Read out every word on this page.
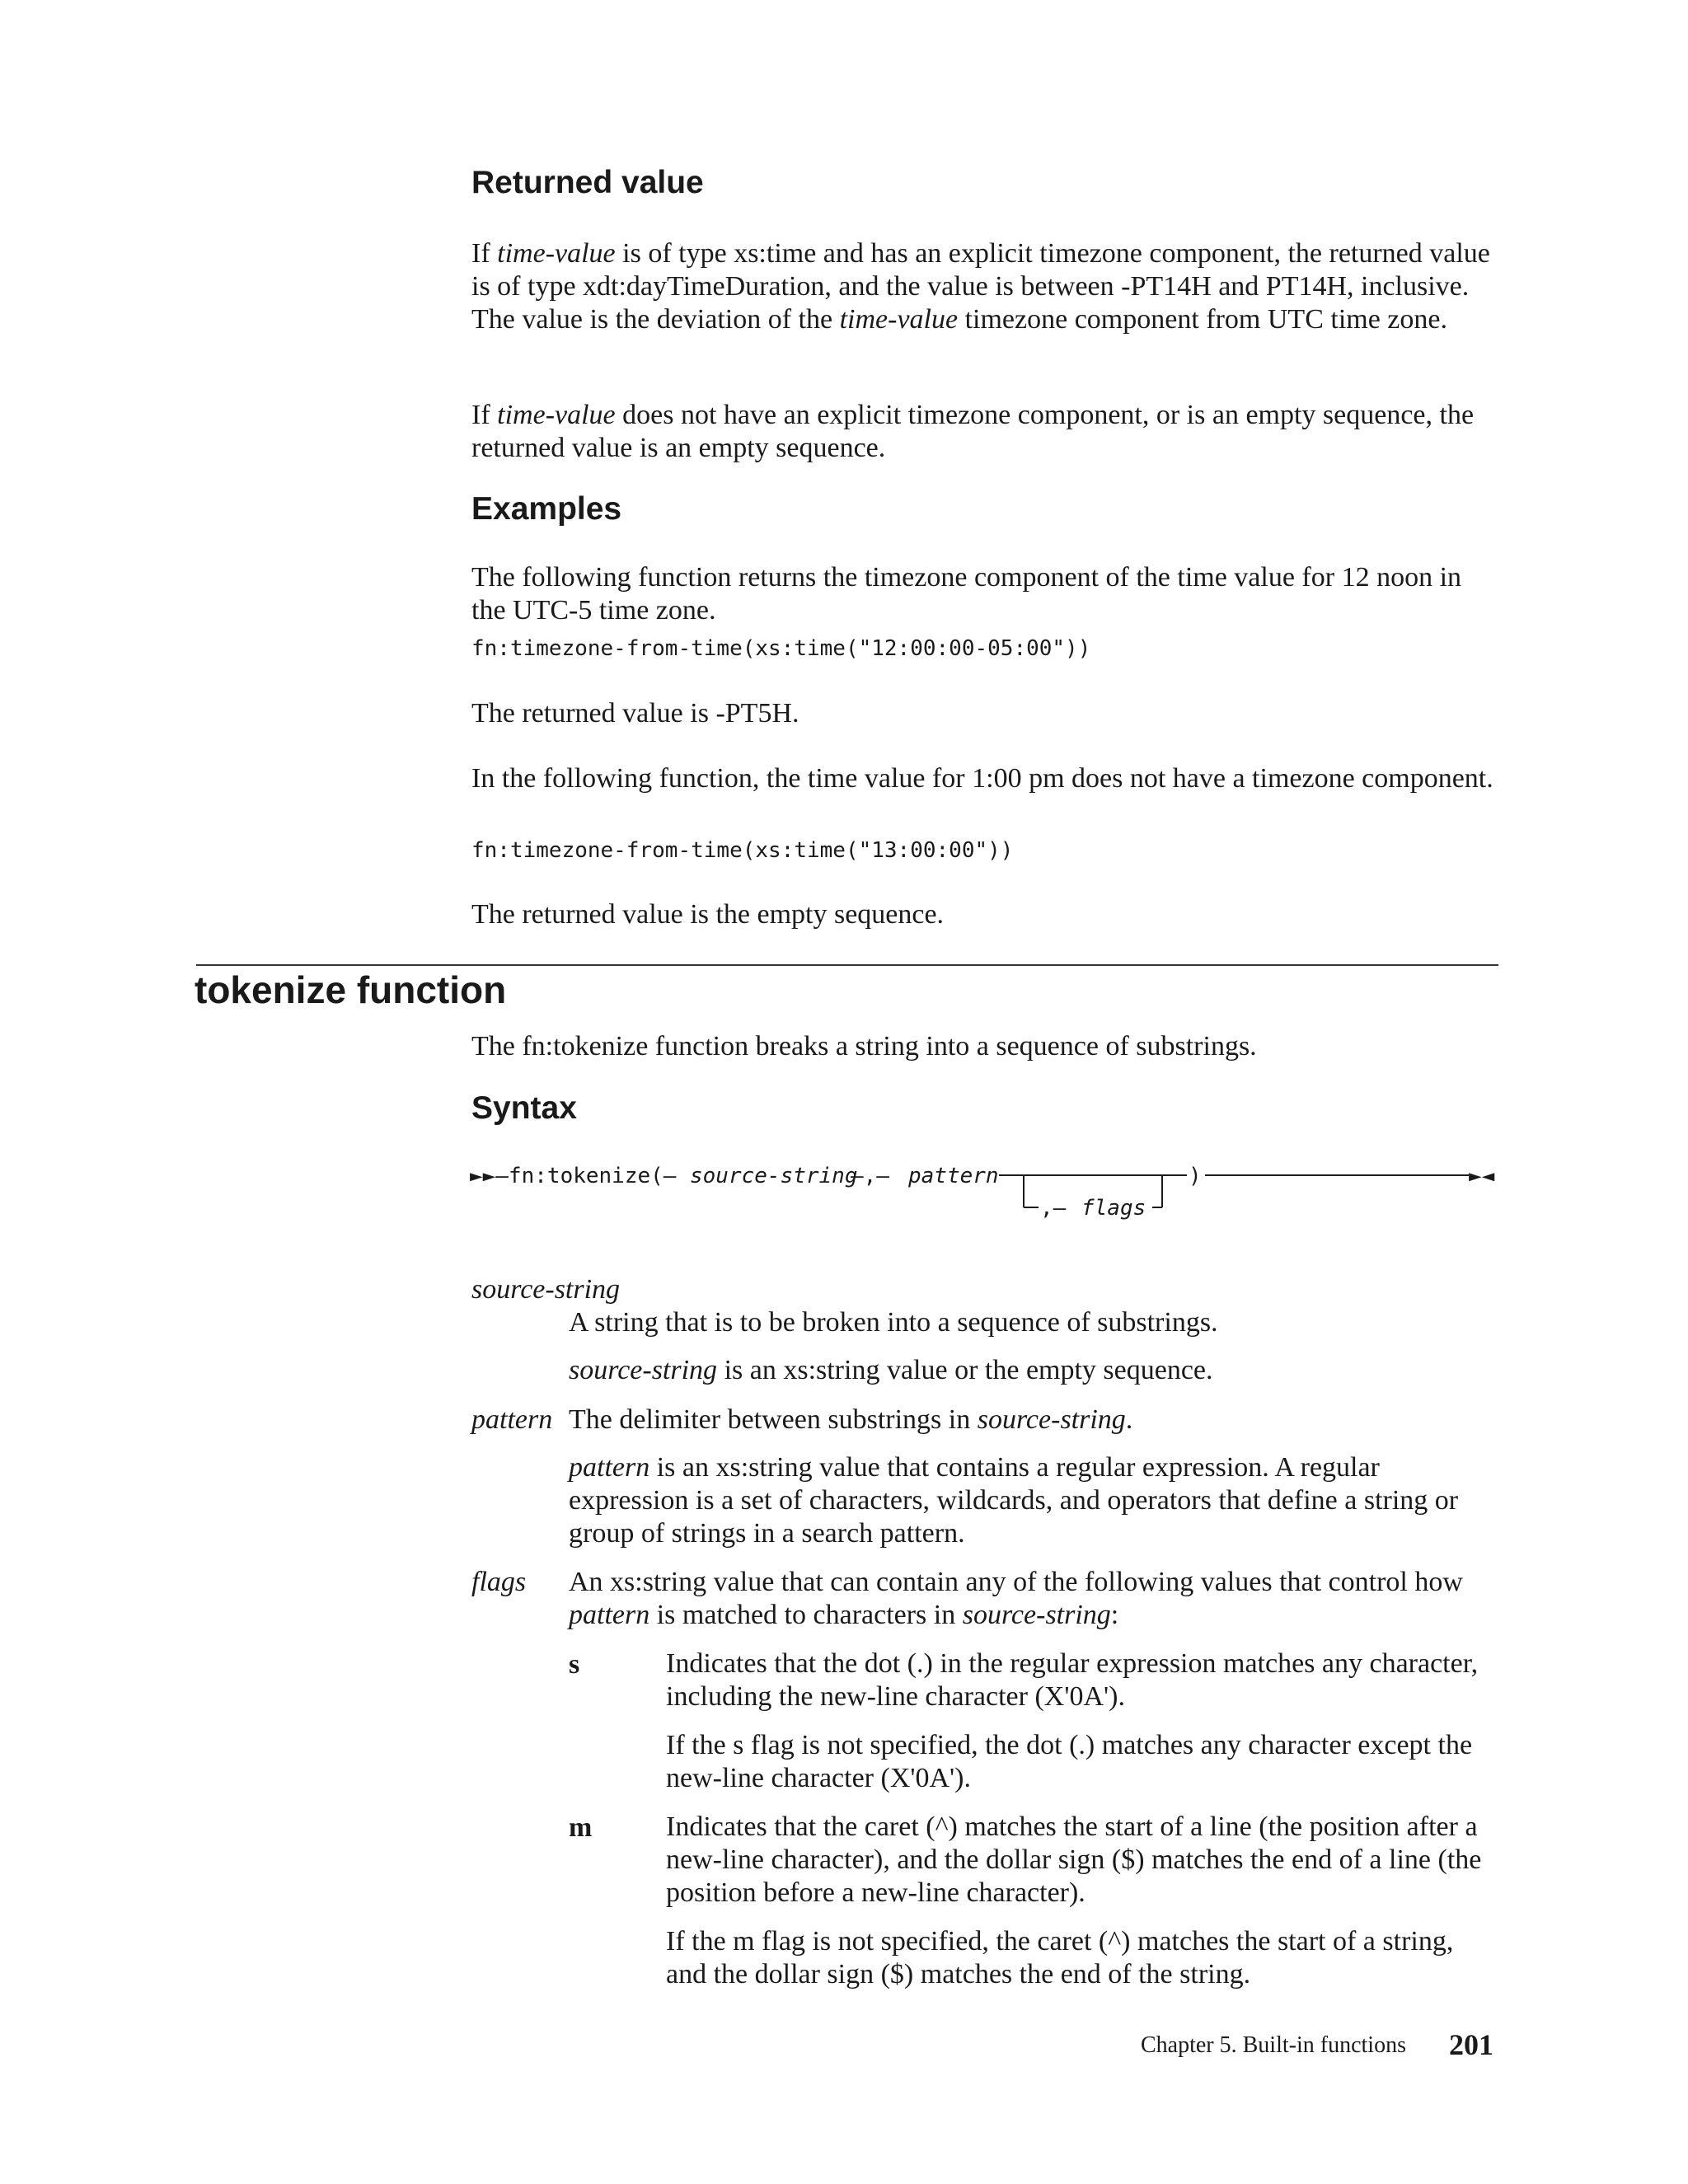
Returned value

If time-value is of type xs:time and has an explicit timezone component, the returned value is of type xdt:dayTimeDuration, and the value is between -PT14H and PT14H, inclusive. The value is the deviation of the time-value timezone component from UTC time zone.

If time-value does not have an explicit timezone component, or is an empty sequence, the returned value is an empty sequence.

Examples

The following function returns the timezone component of the time value for 12 noon in the UTC-5 time zone.

fn:timezone-from-time(xs:time("12:00:00-05:00"))

The returned value is -PT5H.

In the following function, the time value for 1:00 pm does not have a timezone component.

fn:timezone-from-time(xs:time("13:00:00"))

The returned value is the empty sequence.

tokenize function

The fn:tokenize function breaks a string into a sequence of substrings.

Syntax
►►—fn:tokenize(— source-string
—,— pattern
,— flags
)	►◄
source-string

A string that is to be broken into a sequence of substrings.

source-string is an xs:string value or the empty sequence.

pattern The delimiter between substrings in source-string.

pattern is an xs:string value that contains a regular expression. A regular expression is a set of characters, wildcards, and operators that define a string or group of strings in a search pattern.

flags An xs:string value that can contain any of the following values that control how pattern is matched to characters in source-string:

s	Indicates that the dot (.) in the regular expression matches any character, including the new-line character (X'0A').

If the s flag is not specified, the dot (.) matches any character except the new-line character (X'0A').

m	Indicates that the caret (^) matches the start of a line (the position after a new-line character), and the dollar sign ($) matches the end of a line (the position before a new-line character).

If the m flag is not specified, the caret (^) matches the start of a string, and the dollar sign ($) matches the end of the string.

Chapter 5. Built-in functions 201
